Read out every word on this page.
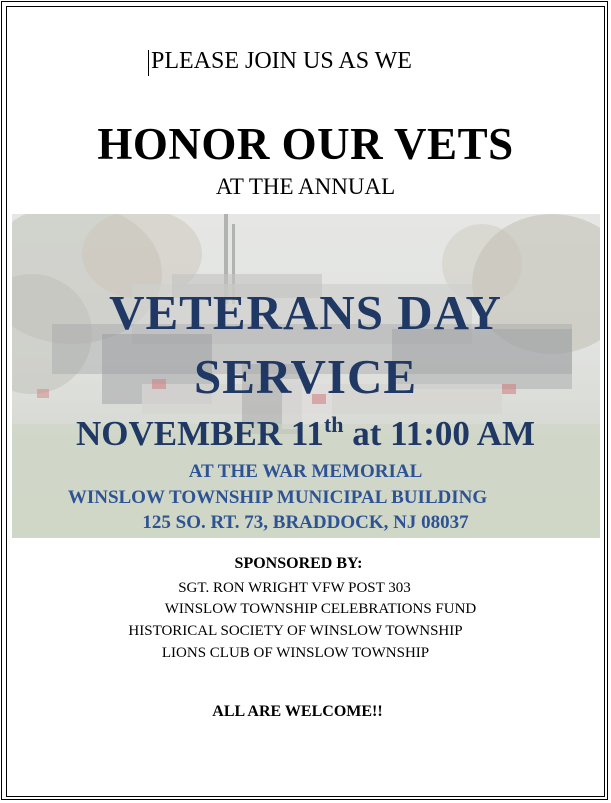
PLEASE JOIN US AS WE
HONOR OUR VETS
AT THE ANNUAL
VETERANS DAY
SERVICE
NOVEMBER 11th at 11:00 AM
AT THE WAR MEMORIAL
WINSLOW TOWNSHIP MUNICIPAL BUILDING
125 SO. RT. 73, BRADDOCK, NJ 08037
SPONSORED BY:
SGT. RON WRIGHT VFW POST 303
WINSLOW TOWNSHIP CELEBRATIONS FUND
HISTORICAL SOCIETY OF WINSLOW TOWNSHIP
LIONS CLUB OF WINSLOW TOWNSHIP
ALL ARE WELCOME!!
